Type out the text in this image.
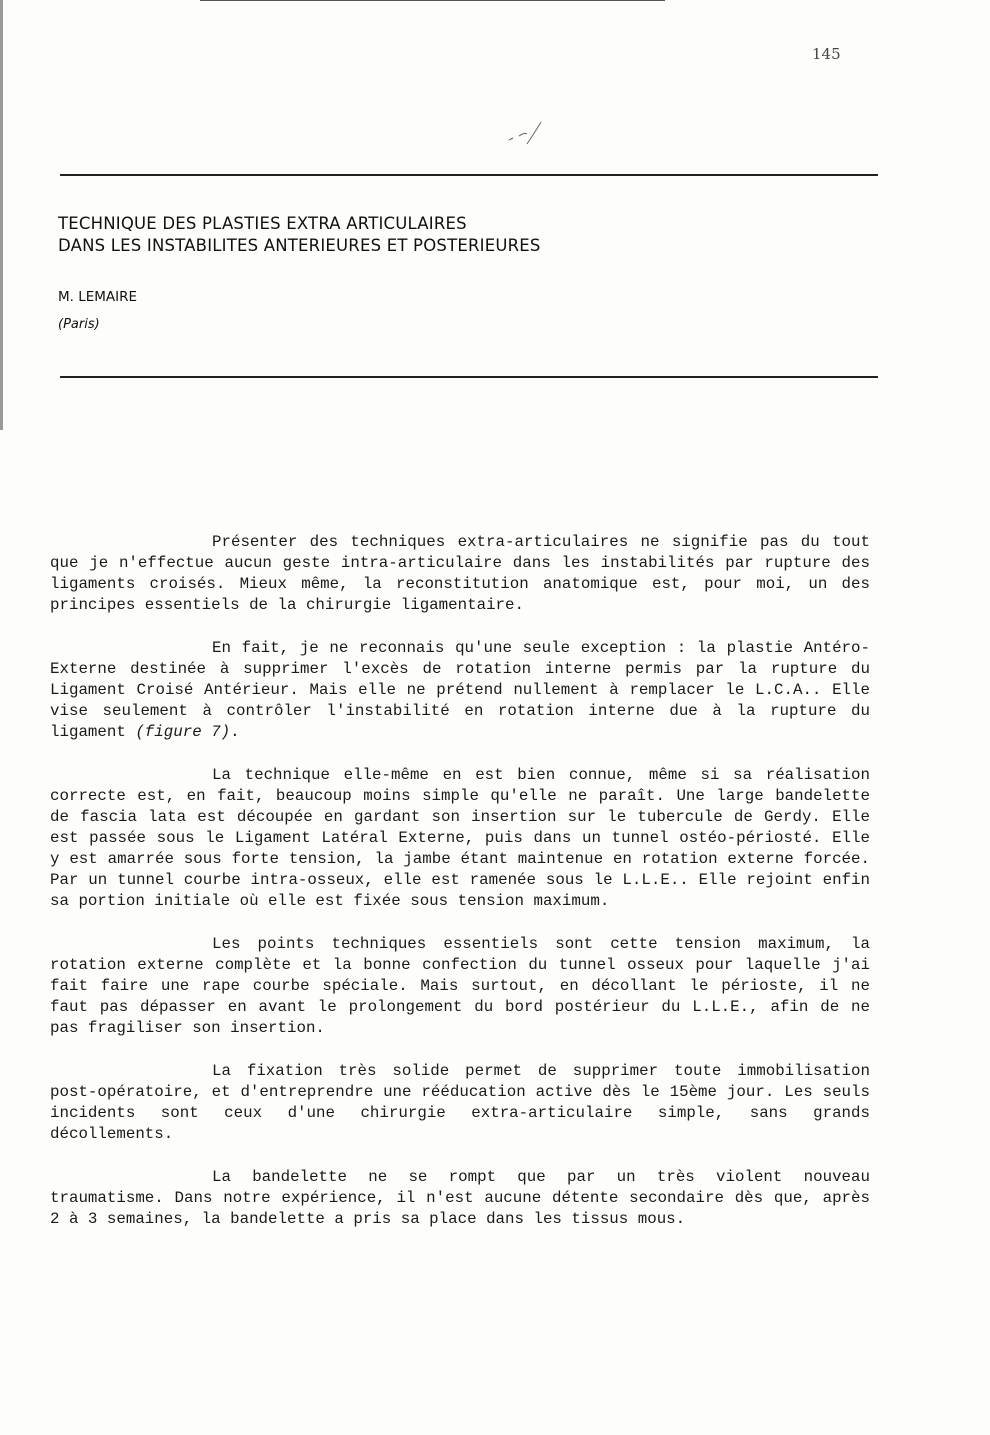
145
TECHNIQUE DES PLASTIES EXTRA ARTICULAIRES
DANS LES INSTABILITES ANTERIEURES ET POSTERIEURES
M. LEMAIRE
(Paris)

Présenter des techniques extra-articulaires ne signifie pas du tout que je n'effectue aucun geste intra-articulaire dans les instabilités par rupture des ligaments croisés. Mieux même, la reconstitution anatomique est, pour moi, un des principes essentiels de la chirurgie ligamentaire.

En fait, je ne reconnais qu'une seule exception : la plastie Antéro-Externe destinée à supprimer l'excès de rotation interne permis par la rupture du Ligament Croisé Antérieur. Mais elle ne prétend nullement à remplacer le L.C.A.. Elle vise seulement à contrôler l'instabilité en rotation interne due à la rupture du ligament (figure 7).

La technique elle-même en est bien connue, même si sa réalisation correcte est, en fait, beaucoup moins simple qu'elle ne paraît. Une large bandelette de fascia lata est découpée en gardant son insertion sur le tubercule de Gerdy. Elle est passée sous le Ligament Latéral Externe, puis dans un tunnel ostéo-périosté. Elle y est amarrée sous forte tension, la jambe étant maintenue en rotation externe forcée. Par un tunnel courbe intra-osseux, elle est ramenée sous le L.L.E.. Elle rejoint enfin sa portion initiale où elle est fixée sous tension maximum.

Les points techniques essentiels sont cette tension maximum, la rotation externe complète et la bonne confection du tunnel osseux pour laquelle j'ai fait faire une rape courbe spéciale. Mais surtout, en décollant le périoste, il ne faut pas dépasser en avant le prolongement du bord postérieur du L.L.E., afin de ne pas fragiliser son insertion.

La fixation très solide permet de supprimer toute immobilisation post-opératoire, et d'entreprendre une rééducation active dès le 15ème jour. Les seuls incidents sont ceux d'une chirurgie extra-articulaire simple, sans grands décollements.

La bandelette ne se rompt que par un très violent nouveau traumatisme. Dans notre expérience, il n'est aucune détente secondaire dès que, après 2 à 3 semaines, la bandelette a pris sa place dans les tissus mous.
